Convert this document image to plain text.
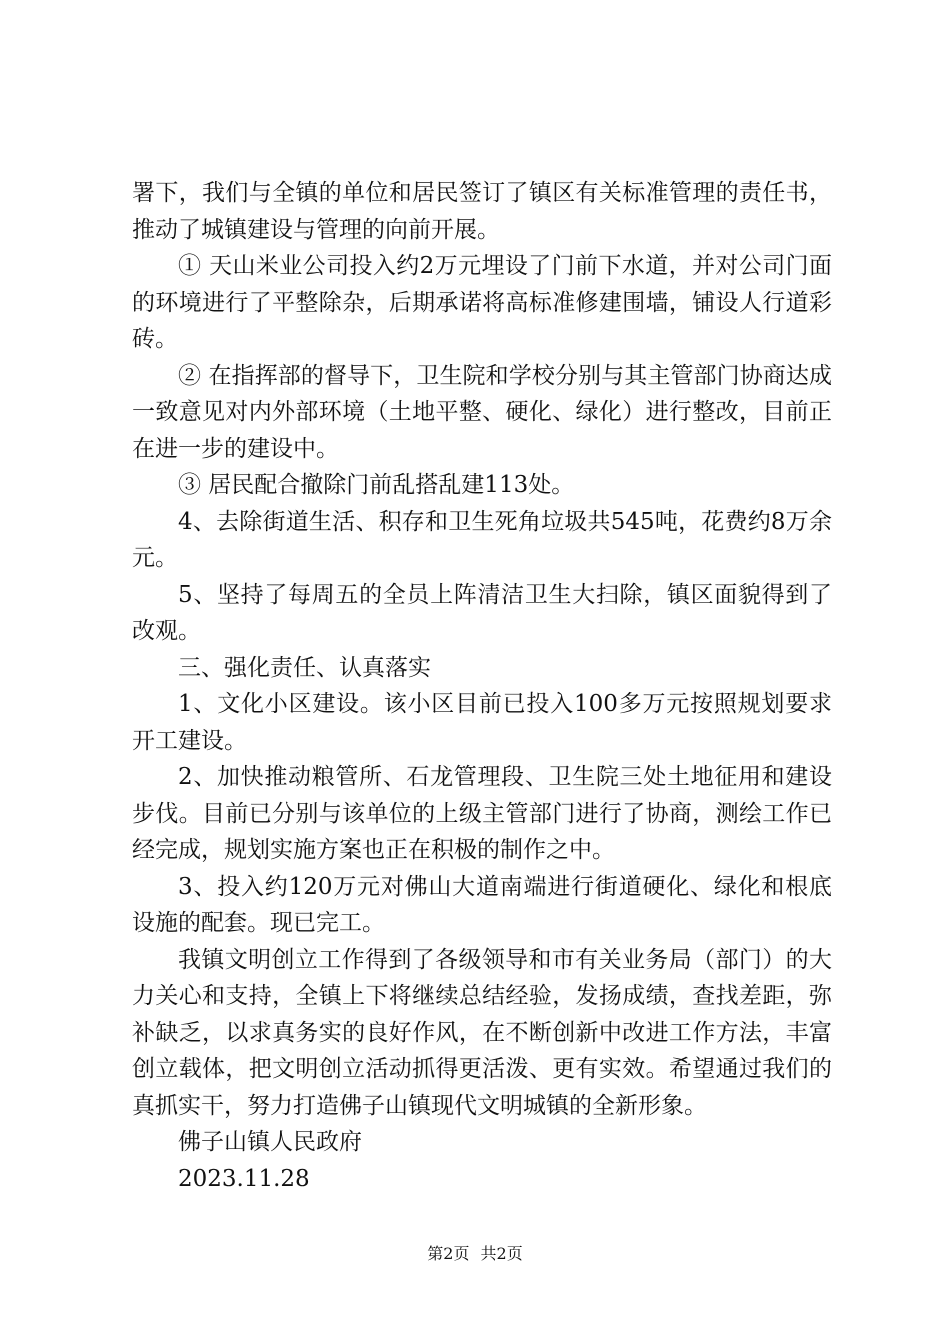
署下，我们与全镇的单位和居民签订了镇区有关标准管理的责任书，推动了城镇建设与管理的向前开展。

① 天山米业公司投入约2万元埋设了门前下水道，并对公司门面的环境进行了平整除杂，后期承诺将高标准修建围墙，铺设人行道彩砖。

② 在指挥部的督导下，卫生院和学校分别与其主管部门协商达成一致意见对内外部环境（土地平整、硬化、绿化）进行整改，目前正在进一步的建设中。

③ 居民配合撤除门前乱搭乱建113处。

4、去除街道生活、积存和卫生死角垃圾共545吨，花费约8万余元。

5、坚持了每周五的全员上阵清洁卫生大扫除，镇区面貌得到了改观。

三、强化责任、认真落实

1、文化小区建设。该小区目前已投入100多万元按照规划要求开工建设。

2、加快推动粮管所、石龙管理段、卫生院三处土地征用和建设步伐。目前已分别与该单位的上级主管部门进行了协商，测绘工作已经完成，规划实施方案也正在积极的制作之中。

3、投入约120万元对佛山大道南端进行街道硬化、绿化和根底设施的配套。现已完工。

我镇文明创立工作得到了各级领导和市有关业务局（部门）的大力关心和支持，全镇上下将继续总结经验，发扬成绩，查找差距，弥补缺乏，以求真务实的良好作风，在不断创新中改进工作方法，丰富创立载体，把文明创立活动抓得更活泼、更有实效。希望通过我们的真抓实干，努力打造佛子山镇现代文明城镇的全新形象。

佛子山镇人民政府

2023.11.28

第2页 共2页
